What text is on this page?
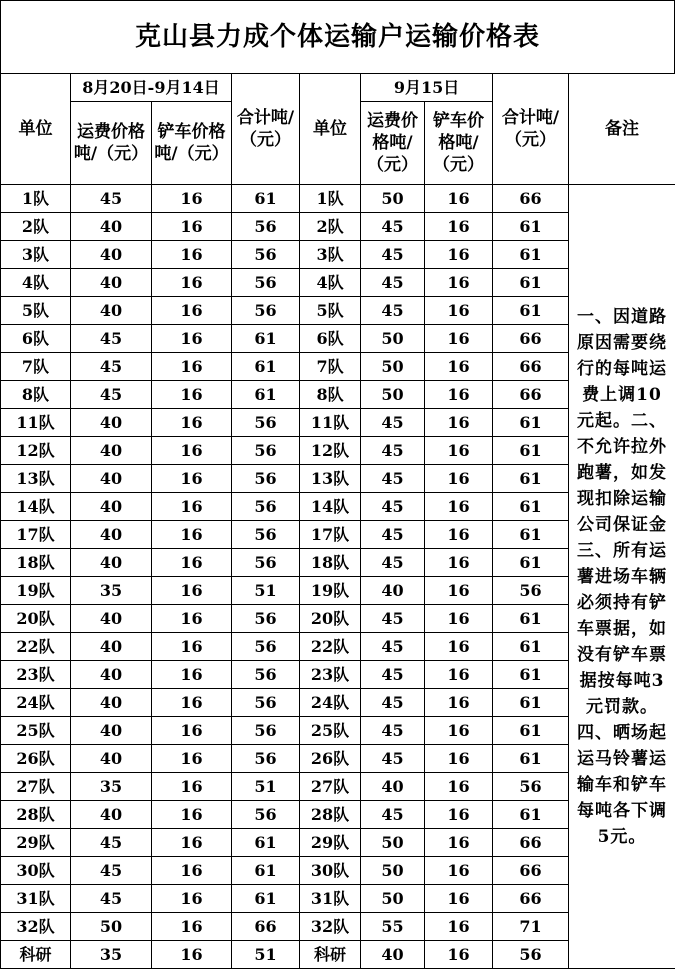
克山县力成个体运输户运输价格表
单位	8月20日-9月14日		合计吨/（元）	单位	9月15日		合计吨/（元）	备注
	运费价格吨/（元）	铲车价格吨/（元）			运费价格吨/（元）	铲车价格吨/（元）		
1队	45	16	61	1队	50	16	66	一、因道路原因需要绕行的每吨运费上调10元起。二、不允许拉外跑薯，如发现扣除运输公司保证金三、所有运薯进场车辆必须持有铲车票据，如没有铲车票据按每吨3元罚款。四、晒场起运马铃薯运输车和铲车每吨各下调5元。
2队	40	16	56	2队	45	16	61	
3队	40	16	56	3队	45	16	61	
4队	40	16	56	4队	45	16	61	
5队	40	16	56	5队	45	16	61	
6队	45	16	61	6队	50	16	66	
7队	45	16	61	7队	50	16	66	
8队	45	16	61	8队	50	16	66	
11队	40	16	56	11队	45	16	61	
12队	40	16	56	12队	45	16	61	
13队	40	16	56	13队	45	16	61	
14队	40	16	56	14队	45	16	61	
17队	40	16	56	17队	45	16	61	
18队	40	16	56	18队	45	16	61	
19队	35	16	51	19队	40	16	56	
20队	40	16	56	20队	45	16	61	
22队	40	16	56	22队	45	16	61	
23队	40	16	56	23队	45	16	61	
24队	40	16	56	24队	45	16	61	
25队	40	16	56	25队	45	16	61	
26队	40	16	56	26队	45	16	61	
27队	35	16	51	27队	40	16	56	
28队	40	16	56	28队	45	16	61	
29队	45	16	61	29队	50	16	66	
30队	45	16	61	30队	50	16	66	
31队	45	16	61	31队	50	16	66	
32队	50	16	66	32队	55	16	71	
科研	35	16	51	科研	40	16	56	
